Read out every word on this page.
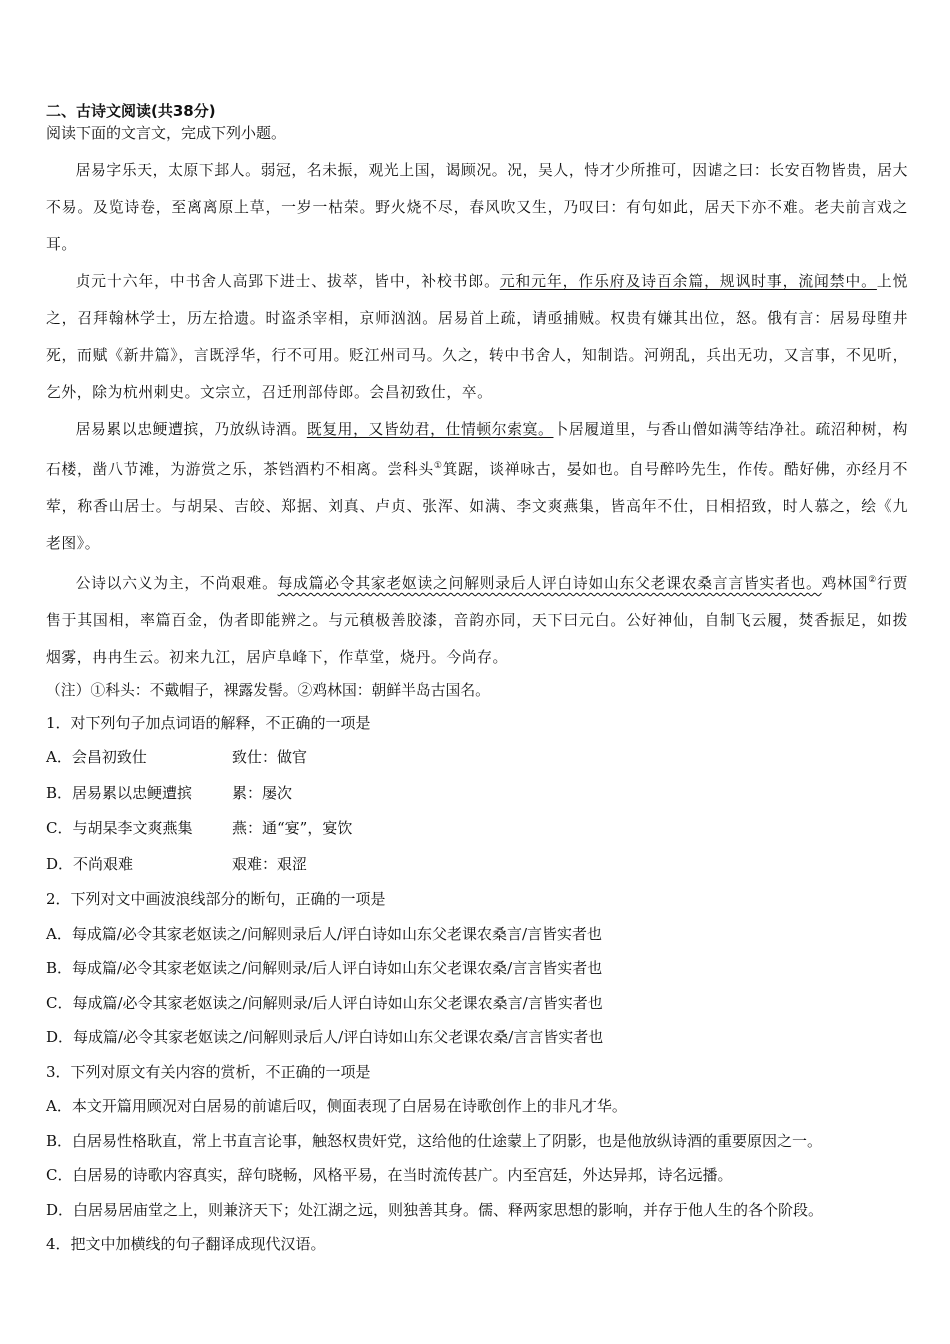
二、古诗文阅读(共38分)
阅读下面的文言文，完成下列小题。
居易字乐天，太原下邽人。弱冠，名未振，观光上国，谒顾况。况，吴人，恃才少所推可，因谑之曰：长安百物皆贵，居大不易。及览诗卷，至离离原上草，一岁一枯荣。野火烧不尽，春风吹又生，乃叹曰：有句如此，居天下亦不难。老夫前言戏之耳。
贞元十六年，中书舍人高郢下进士、拔萃，皆中，补校书郎。元和元年，作乐府及诗百余篇，规讽时事，流闻禁中。上悦之，召拜翰林学士，历左拾遗。时盗杀宰相，京师汹汹。居易首上疏，请亟捕贼。权贵有嫌其出位，怒。俄有言：居易母堕井死，而赋《新井篇》，言既浮华，行不可用。贬江州司马。久之，转中书舍人，知制诰。河朔乱，兵出无功，又言事，不见听，乞外，除为杭州刺史。文宗立，召迁刑部侍郎。会昌初致仕，卒。
居易累以忠鲠遭摈，乃放纵诗酒。既复用，又皆幼君，仕情顿尔索寞。卜居履道里，与香山僧如满等结净社。疏沼种树，构石楼，凿八节滩，为游赏之乐，茶铛酒杓不相离。尝科头①箕踞，谈禅咏古，晏如也。自号醉吟先生，作传。酷好佛，亦经月不荤，称香山居士。与胡杲、吉皎、郑据、刘真、卢贞、张浑、如满、李文爽燕集，皆高年不仕，日相招致，时人慕之，绘《九老图》。
公诗以六义为主，不尚艰难。每成篇必令其家老妪读之问解则录后人评白诗如山东父老课农桑言言皆实者也。鸡林国②行贾售于其国相，率篇百金，伪者即能辨之。与元稹极善胶漆，音韵亦同，天下曰元白。公好神仙，自制飞云履，焚香振足，如拨烟雾，冉冉生云。初来九江，居庐阜峰下，作草堂，烧丹。今尚存。
（注）①科头：不戴帽子，裸露发髻。②鸡林国：朝鲜半岛古国名。
1．对下列句子加点词语的解释，不正确的一项是
A．会昌初致仕	致仕：做官
B．居易累以忠鲠遭摈	累：屡次
C．与胡杲李文爽燕集	燕：通“宴”，宴饮
D．不尚艰难	艰难：艰涩
2．下列对文中画波浪线部分的断句，正确的一项是
A．每成篇/必令其家老妪读之/问解则录后人/评白诗如山东父老课农桑言/言皆实者也
B．每成篇/必令其家老妪读之/问解则录/后人评白诗如山东父老课农桑/言言皆实者也
C．每成篇/必令其家老妪读之/问解则录/后人评白诗如山东父老课农桑言/言皆实者也
D．每成篇/必令其家老妪读之/问解则录后人/评白诗如山东父老课农桑/言言皆实者也
3．下列对原文有关内容的赏析，不正确的一项是
A．本文开篇用顾况对白居易的前谑后叹，侧面表现了白居易在诗歌创作上的非凡才华。
B．白居易性格耿直，常上书直言论事，触怒权贵奸党，这给他的仕途蒙上了阴影，也是他放纵诗酒的重要原因之一。
C．白居易的诗歌内容真实，辞句晓畅，风格平易，在当时流传甚广。内至宫廷，外达异邦，诗名远播。
D．白居易居庙堂之上，则兼济天下；处江湖之远，则独善其身。儒、释两家思想的影响，并存于他人生的各个阶段。
4．把文中加横线的句子翻译成现代汉语。
